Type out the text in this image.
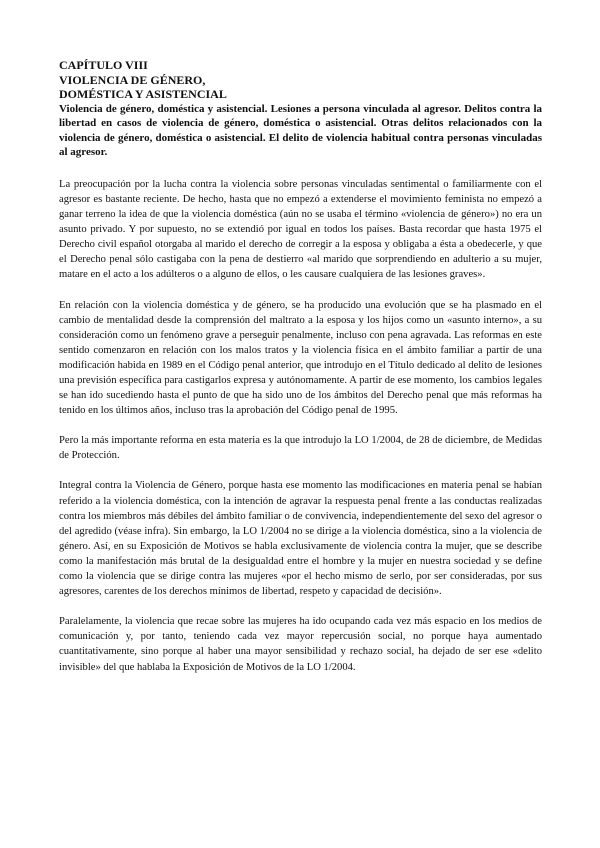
CAPÍTULO VIII

VIOLENCIA DE GÉNERO,

DOMÉSTICA Y ASISTENCIAL

Violencia de género, doméstica y asistencial. Lesiones a persona vinculada al agresor. Delitos contra la libertad en casos de violencia de género, doméstica o asistencial. Otras delitos relacionados con la violencia de género, doméstica o asistencial. El delito de violencia habitual contra personas vinculadas al agresor.

La preocupación por la lucha contra la violencia sobre personas vinculadas sentimental o familiarmente con el agresor es bastante reciente. De hecho, hasta que no empezó a extenderse el movimiento feminista no empezó a ganar terreno la idea de que la violencia doméstica (aún no se usaba el término «violencia de género») no era un asunto privado. Y por supuesto, no se extendió por igual en todos los países. Basta recordar que hasta 1975 el Derecho civil español otorgaba al marido el derecho de corregir a la esposa y obligaba a ésta a obedecerle, y que el Derecho penal sólo castigaba con la pena de destierro «al marido que sorprendiendo en adulterio a su mujer, matare en el acto a los adúlteros o a alguno de ellos, o les causare cualquiera de las lesiones graves».

En relación con la violencia doméstica y de género, se ha producido una evolución que se ha plasmado en el cambio de mentalidad desde la comprensión del maltrato a la esposa y los hijos como un «asunto interno», a su consideración como un fenómeno grave a perseguir penalmente, incluso con pena agravada. Las reformas en este sentido comenzaron en relación con los malos tratos y la violencia física en el ámbito familiar a partir de una modificación habida en 1989 en el Código penal anterior, que introdujo en el Título dedicado al delito de lesiones una previsión específica para castigarlos expresa y autónomamente. A partir de ese momento, los cambios legales se han ido sucediendo hasta el punto de que ha sido uno de los ámbitos del Derecho penal que más reformas ha tenido en los últimos años, incluso tras la aprobación del Código penal de 1995.

Pero la más importante reforma en esta materia es la que introdujo la LO 1/2004, de 28 de diciembre, de Medidas de Protección.

Integral contra la Violencia de Género, porque hasta ese momento las modificaciones en materia penal se habían referido a la violencia doméstica, con la intención de agravar la respuesta penal frente a las conductas realizadas contra los miembros más débiles del ámbito familiar o de convivencia, independientemente del sexo del agresor o del agredido (véase infra). Sin embargo, la LO 1/2004 no se dirige a la violencia doméstica, sino a la violencia de género. Así, en su Exposición de Motivos se habla exclusivamente de violencia contra la mujer, que se describe como la manifestación más brutal de la desigualdad entre el hombre y la mujer en nuestra sociedad y se define como la violencia que se dirige contra las mujeres «por el hecho mismo de serlo, por ser consideradas, por sus agresores, carentes de los derechos mínimos de libertad, respeto y capacidad de decisión».

Paralelamente, la violencia que recae sobre las mujeres ha ido ocupando cada vez más espacio en los medios de comunicación y, por tanto, teniendo cada vez mayor repercusión social, no porque haya aumentado cuantitativamente, sino porque al haber una mayor sensibilidad y rechazo social, ha dejado de ser ese «delito invisible» del que hablaba la Exposición de Motivos de la LO 1/2004.
